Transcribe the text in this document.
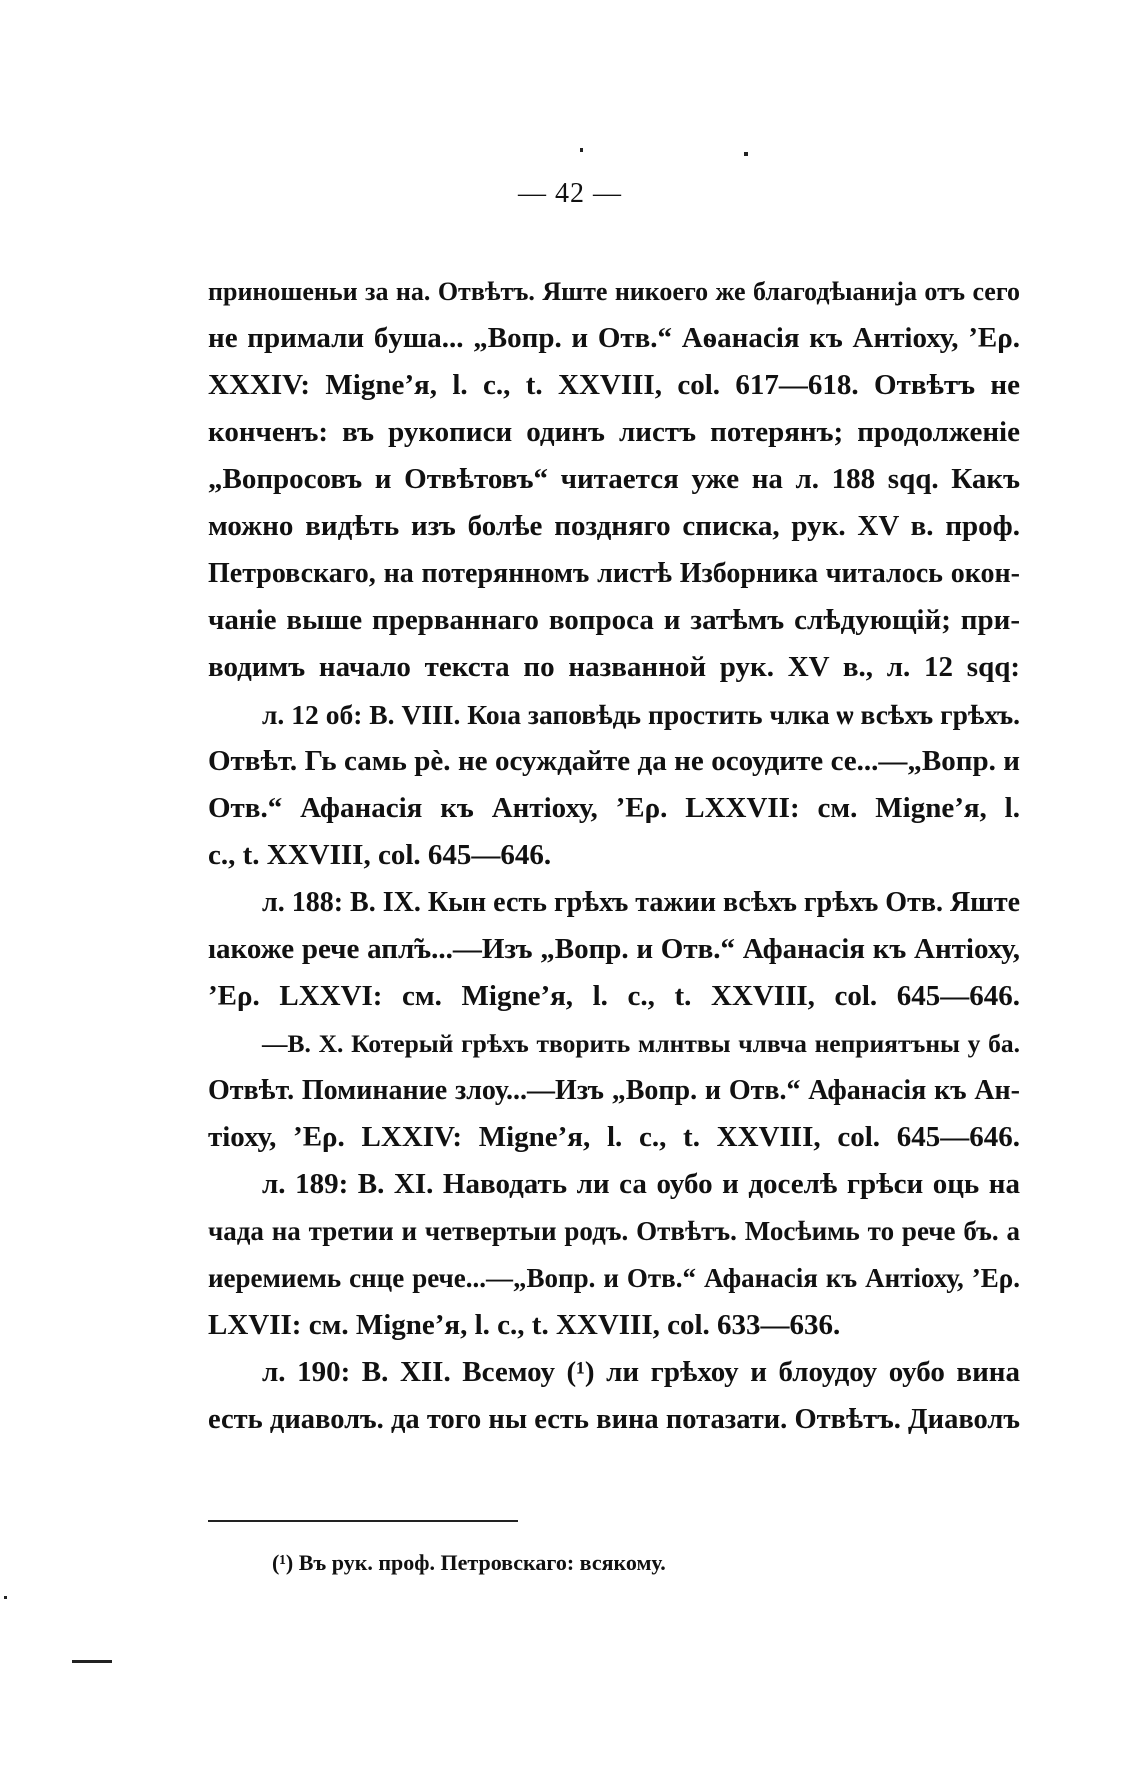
— 42 —
приношеньи за на. Отвѣтъ. Яште никоего же благодѣıанија отъ сего
не примали бyша... „Вопр. и Отв.“ Аѳанасія къ Антіоху, ’Ερ.
XXXIV: Migne’я, l. c., t. XXVIII, col. 617—618. Отвѣтъ не
конченъ: въ рукописи одинъ листъ потерянъ; продолженіе
„Вопросовъ и Отвѣтовъ“ читается уже на л. 188 sqq. Какъ
можно видѣть изъ болѣе поздняго списка, рук. XV в. проф.
Петровскаго, на потерянномъ листѣ Изборника читалось окон-
чаніе выше прерваннаго вопроса и затѣмъ слѣдующій; при-
водимъ начало текста по названной рук. XV в., л. 12 sqq:
л. 12 об: В. VIII. Коıа заповѣдь простить члка ѡ всѣхъ грѣхъ.
Отвѣт. Гь самь рѐ. не осуждайте да не осоудите се...—„Вопр. и
Отв.“ Афанасія къ Антіоху, ’Ερ. LXXVII: см. Migne’я, l.
c., t. XXVIII, col. 645—646.
л. 188: В. IX. Кын есть грѣхъ тажии всѣхъ грѣхъ Отв. Яште
ıакоже рече апл̃ъ...—Изъ „Вопр. и Отв.“ Афанасія къ Антіоху,
’Ερ. LXXVI: см. Migne’я, l. c., t. XXVIII, col. 645—646.
—В. X. Котерый грѣхъ творить млнтвы члвча неприятъны у ба.
Отвѣт. Поминание злоу...—Изъ „Вопр. и Отв.“ Афанасія къ Ан-
тіоху, ’Ερ. LXXIV: Migne’я, l. c., t. XXVIII, col. 645—646.
л. 189: В. XI. Наводать ли са оубо и доселѣ грѣси оць на
чада на третии и четвертыи родъ. Отвѣтъ. Мосѣимь то рече бъ. а
иеремиемь снце рече...—„Вопр. и Отв.“ Афанасія къ Антіоху, ’Ερ.
LXVII: см. Migne’я, l. c., t. XXVIII, col. 633—636.
л. 190: В. XII. Всемоу (¹) ли грѣхоу и блоудоу оубо вина
есть диаволъ. да того ны есть вина потазати. Отвѣтъ. Диаволъ
(¹) Въ рук. проф. Петровскаго: всякому.
